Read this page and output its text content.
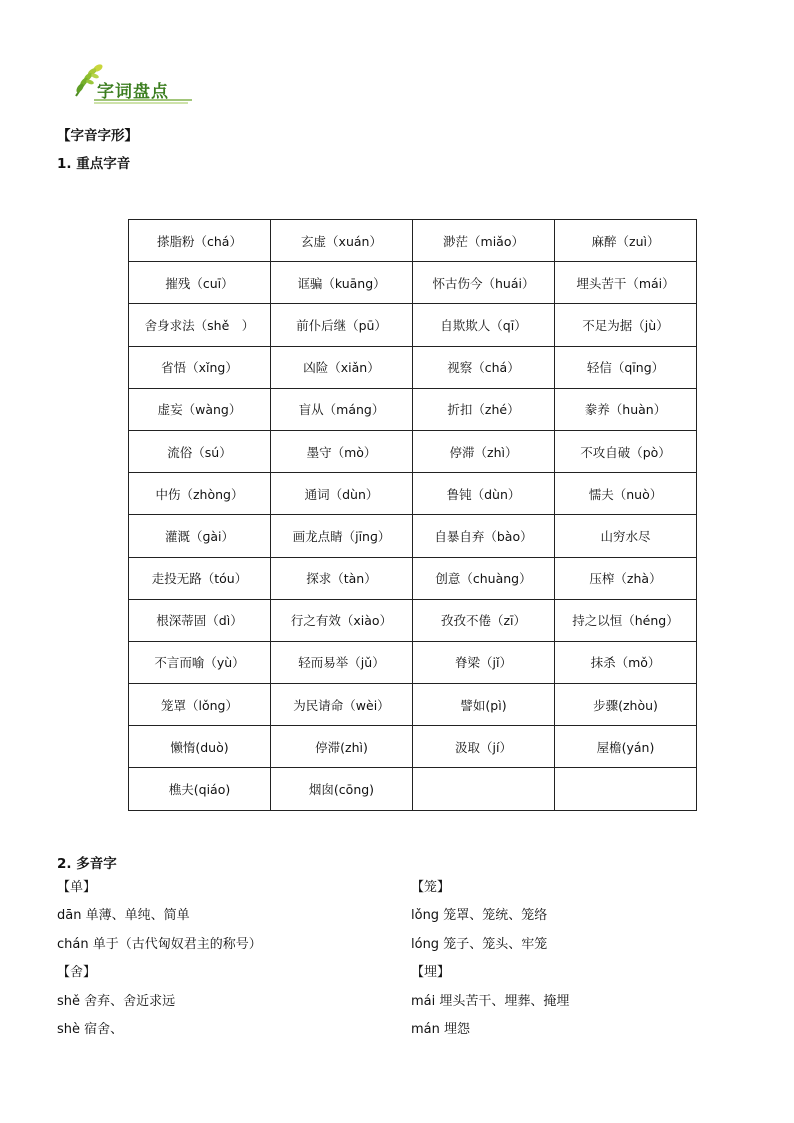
字词盘点
【字音字形】
1. 重点字音
搽脂粉（chá）	玄虚（xuán）	渺茫（miǎo）	麻醉（zuì）
摧残（cuī）	诓骗（kuāng）	怀古伤今（huái）	埋头苦干（mái）
舍身求法（shě　）	前仆后继（pū）	自欺欺人（qī）	不足为据（jù）
省悟（xǐng）	凶险（xiǎn）	视察（chá）	轻信（qīng）
虚妄（wàng）	盲从（máng）	折扣（zhé）	豢养（huàn）
流俗（sú）	墨守（mò）	停滞（zhì）	不攻自破（pò）
中伤（zhòng）	通词（dùn）	鲁钝（dùn）	懦夫（nuò）
灌溉（ɡài）	画龙点睛（jīnɡ）	自暴自弃（bào）	山穷水尽
走投无路（tóu）	探求（tàn）	创意（chuàng）	压榨（zhà）
根深蒂固（dì）	行之有效（xiào）	孜孜不倦（zī）	持之以恒（héng）
不言而喻（yù）	轻而易举（jǔ）	脊梁（jǐ）	抹杀（mǒ）
笼罩（lǒng）	为民请命（wèi）	譬如(pì)	步骤(zhòu)
懒惰(duò)	停滞(zhì)	汲取（jí）	屋檐(yán)
樵夫(qiáo)	烟囱(cōng)		
2. 多音字
【单】
dān 单薄、单纯、简单
chán 单于（古代匈奴君主的称号）
【舍】
shě 舍弃、舍近求远
shè 宿舍、
【笼】
lǒng 笼罩、笼统、笼络
lóng 笼子、笼头、牢笼
【埋】
mái 埋头苦干、埋葬、掩埋
mán 埋怨
